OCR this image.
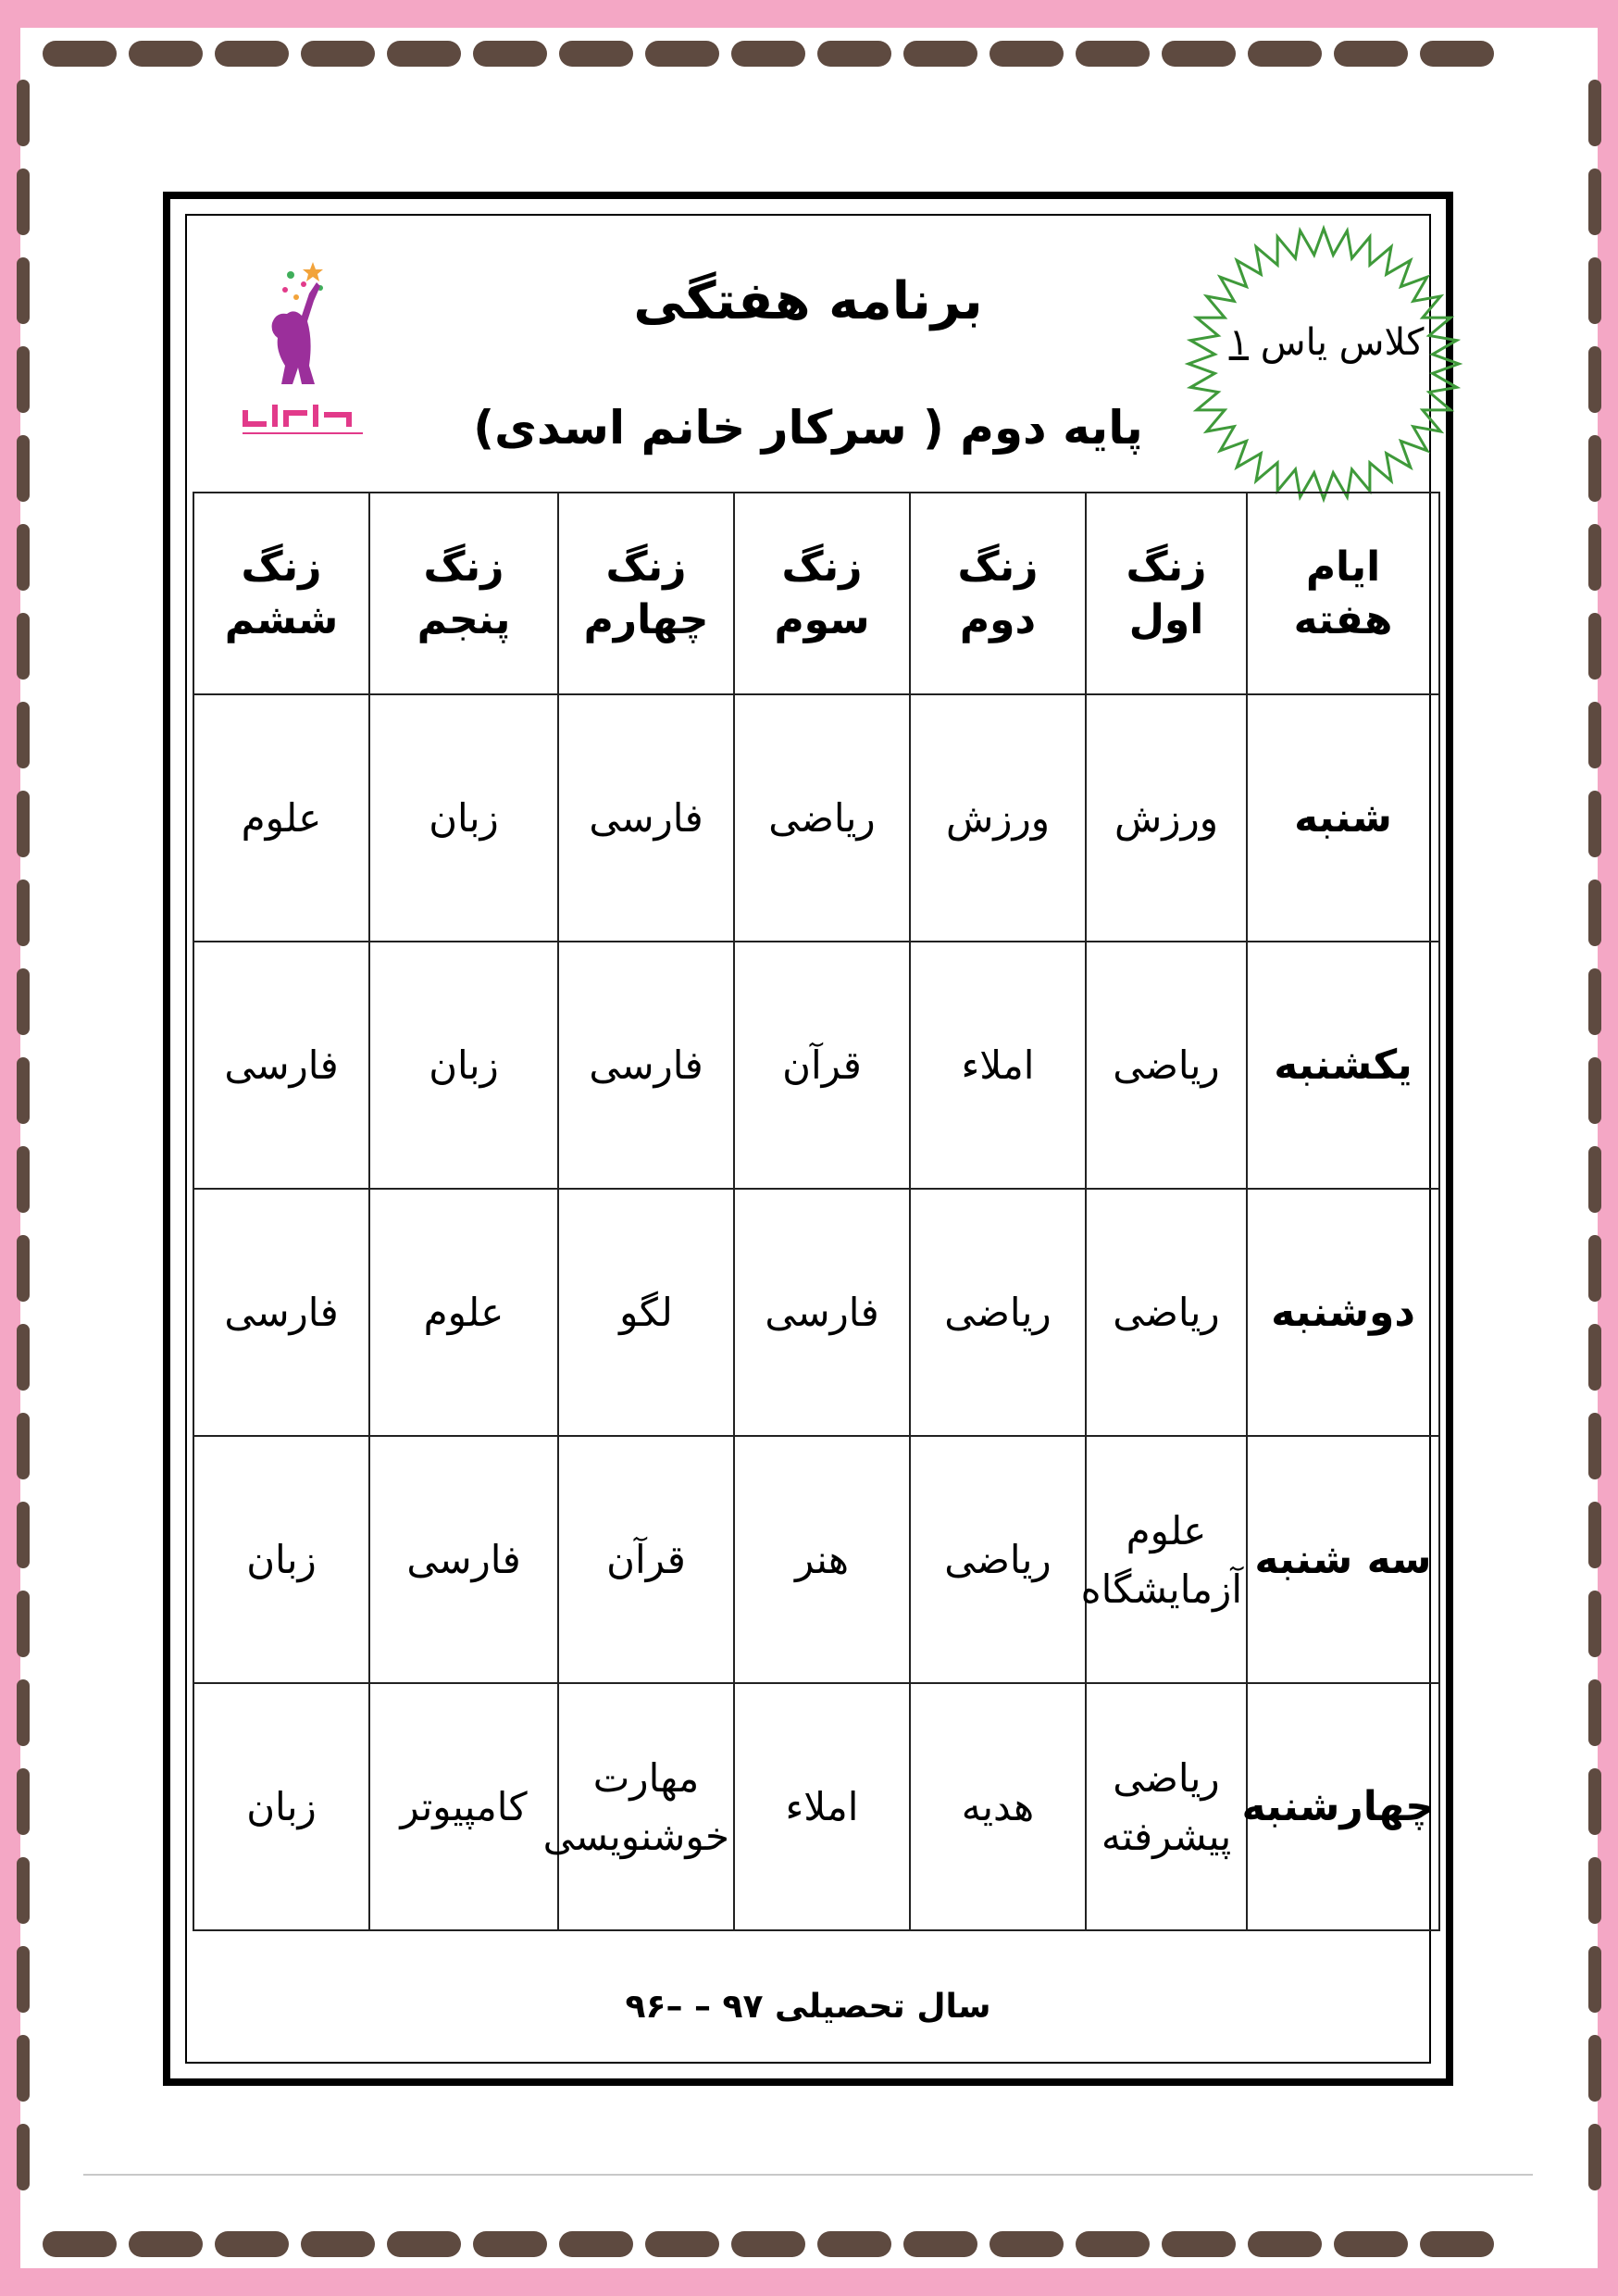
کلاس یاس ۱
برنامه هفتگی
پایه دوم ( سرکار خانم اسدی)
ایام هفته	زنگ اول	زنگ دوم	زنگ سوم	زنگ چهارم	زنگ پنجم	زنگ ششم
شنبه	ورزش	ورزش	ریاضی	فارسی	زبان	علوم
یکشنبه	ریاضی	املاء	قرآن	فارسی	زبان	فارسی
دوشنبه	ریاضی	ریاضی	فارسی	لگو	علوم	فارسی
سه شنبه	علوم آزمایشگاه	ریاضی	هنر	قرآن	فارسی	زبان
چهارشنبه	ریاضی پیشرفته	هدیه	املاء	مهارت خوشنویسی	کامپیوتر	زبان
سال تحصیلی ۹۷ – –۹۶
